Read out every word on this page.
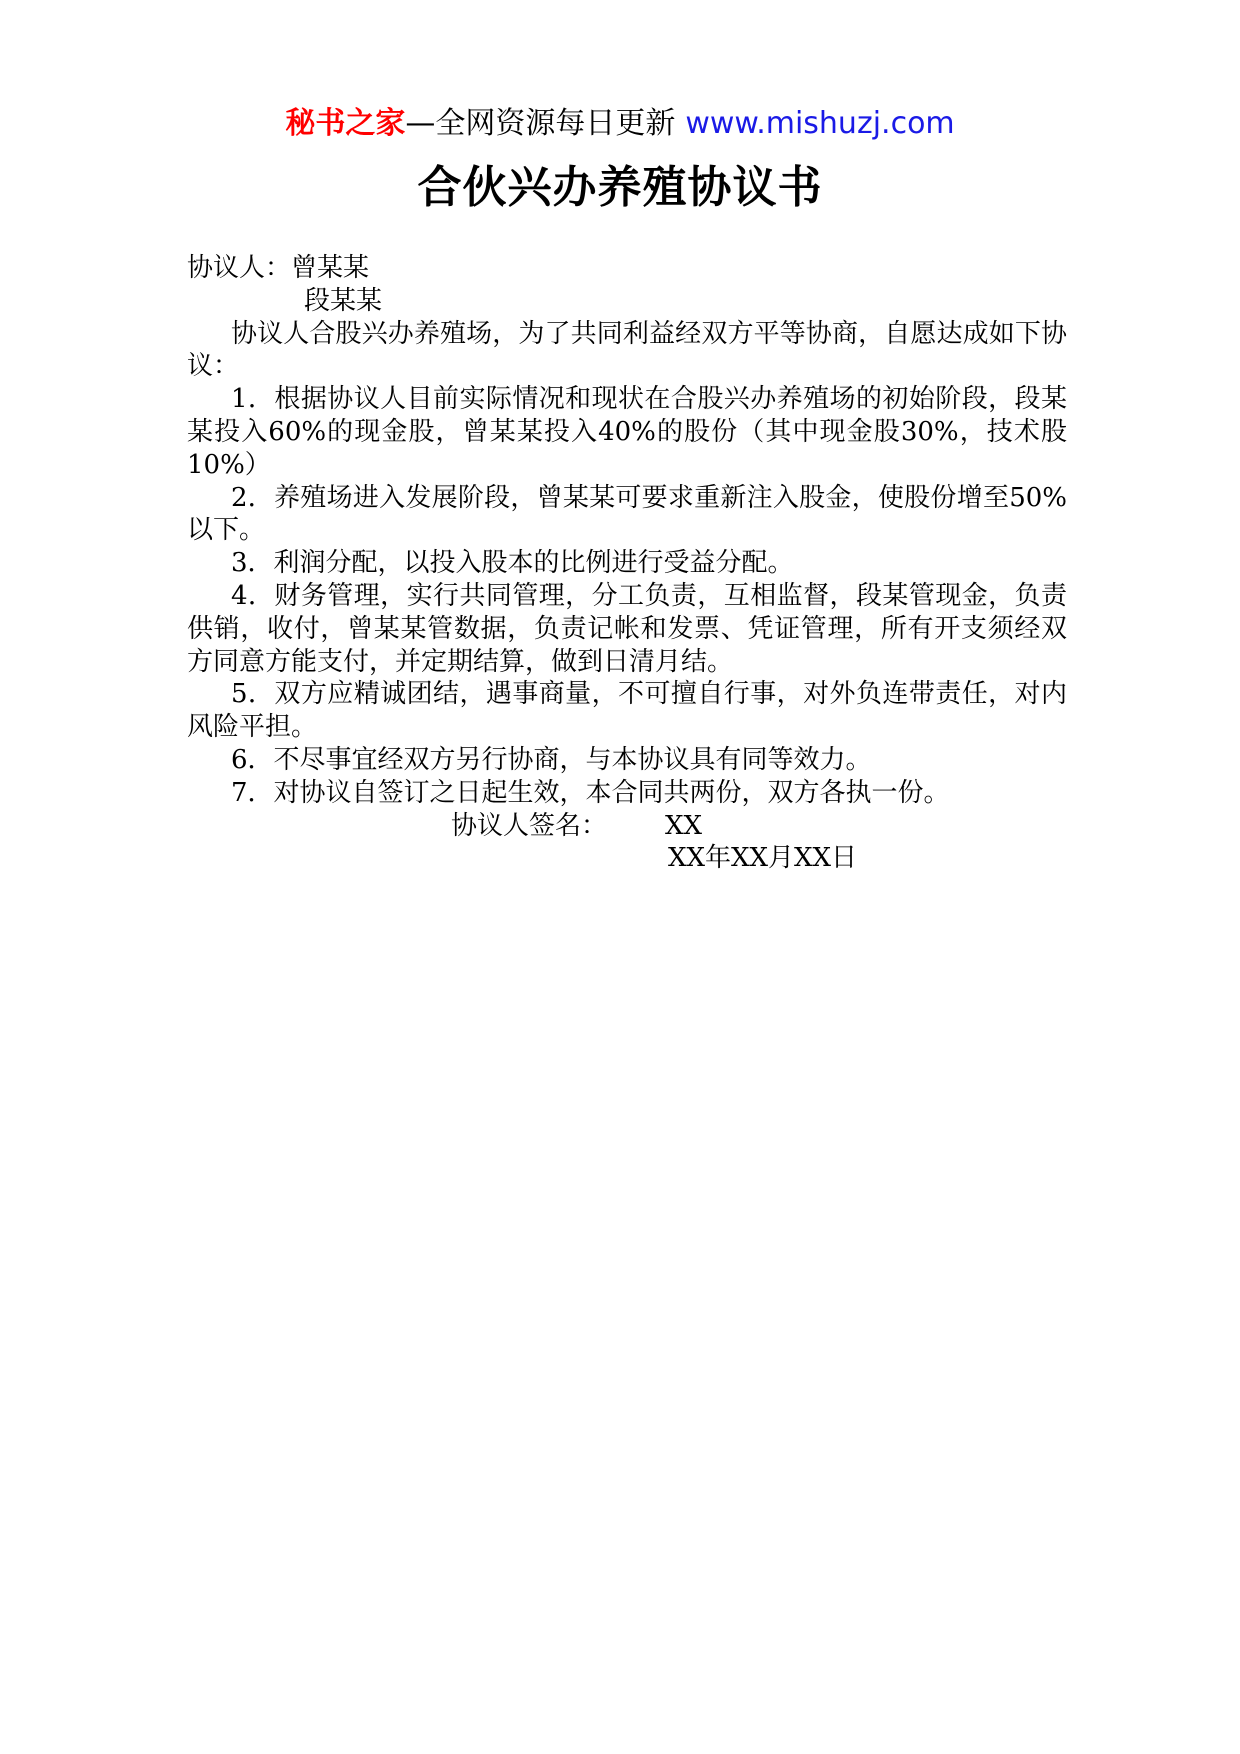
秘书之家—全网资源每日更新 www.mishuzj.com
合伙兴办养殖协议书
协议人：曾某某
段某某
协议人合股兴办养殖场，为了共同利益经双方平等协商，自愿达成如下协议：
1．根据协议人目前实际情况和现状在合股兴办养殖场的初始阶段，段某某投入60%的现金股，曾某某投入40%的股份（其中现金股30%，技术股10%）
2．养殖场进入发展阶段，曾某某可要求重新注入股金，使股份增至50%以下。
3．利润分配，以投入股本的比例进行受益分配。
4．财务管理，实行共同管理，分工负责，互相监督，段某管现金，负责供销，收付，曾某某管数据，负责记帐和发票、凭证管理，所有开支须经双方同意方能支付，并定期结算，做到日清月结。
5．双方应精诚团结，遇事商量，不可擅自行事，对外负连带责任，对内风险平担。
6．不尽事宜经双方另行协商，与本协议具有同等效力。
7．对协议自签订之日起生效，本合同共两份，双方各执一份。
协议人签名： XX
XX年XX月XX日
